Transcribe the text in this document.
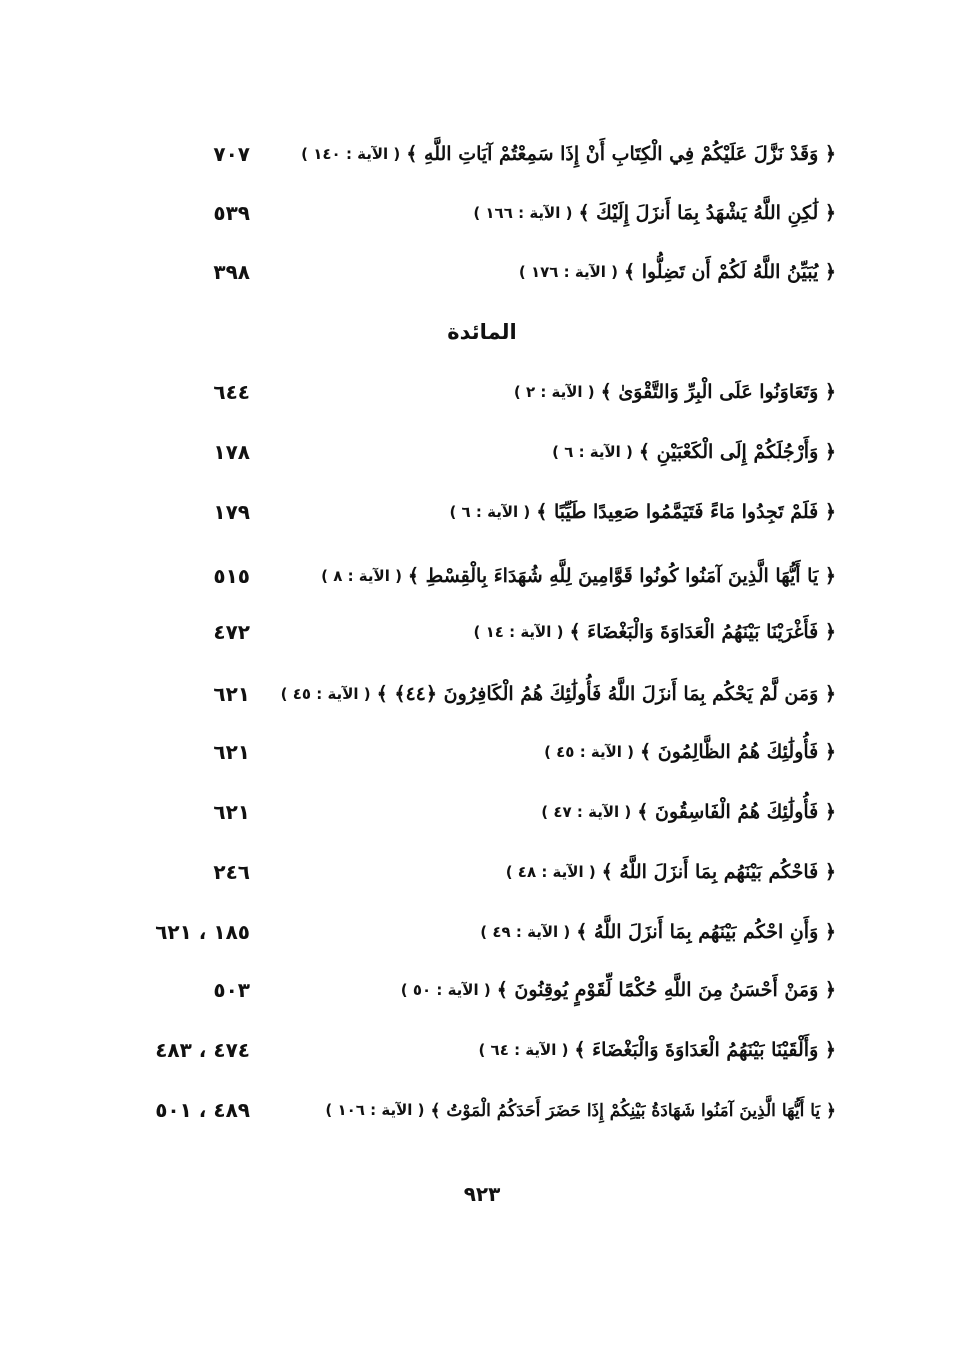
﴿ وَقَدْ نَزَّلَ عَلَيْكُمْ فِي الْكِتَابِ أَنْ إِذَا سَمِعْتُمْ آيَاتِ اللَّهِ ﴾
( الآية : ١٤٠ )
٧٠٧
﴿ لَٰكِنِ اللَّهُ يَشْهَدُ بِمَا أَنزَلَ إِلَيْكَ ﴾
( الآية : ١٦٦ )
٥٣٩
﴿ يُبَيِّنُ اللَّهُ لَكُمْ أَن تَضِلُّوا ﴾
( الآية : ١٧٦ )
٣٩٨
المائدة
﴿ وَتَعَاوَنُوا عَلَى الْبِرِّ وَالتَّقْوَىٰ ﴾
( الآية : ٢ )
٦٤٤
﴿ وَأَرْجُلَكُمْ إِلَى الْكَعْبَيْنِ ﴾
( الآية : ٦ )
١٧٨
﴿ فَلَمْ تَجِدُوا مَاءً فَتَيَمَّمُوا صَعِيدًا طَيِّبًا ﴾
( الآية : ٦ )
١٧٩
﴿ يَا أَيُّهَا الَّذِينَ آمَنُوا كُونُوا قَوَّامِينَ لِلَّهِ شُهَدَاءَ بِالْقِسْطِ ﴾
( الآية : ٨ )
٥١٥
﴿ فَأَغْرَيْنَا بَيْنَهُمُ الْعَدَاوَةَ وَالْبَغْضَاءَ ﴾
( الآية : ١٤ )
٤٧٢
﴿ وَمَن لَّمْ يَحْكُم بِمَا أَنزَلَ اللَّهُ فَأُولَٰئِكَ هُمُ الْكَافِرُونَ ﴿٤٤﴾ ﴾
( الآية : ٤٥ )
٦٢١
﴿ فَأُولَٰئِكَ هُمُ الظَّالِمُونَ ﴾
( الآية : ٤٥ )
٦٢١
﴿ فَأُولَٰئِكَ هُمُ الْفَاسِقُونَ ﴾
( الآية : ٤٧ )
٦٢١
﴿ فَاحْكُم بَيْنَهُم بِمَا أَنزَلَ اللَّهُ ﴾
( الآية : ٤٨ )
٢٤٦
﴿ وَأَنِ احْكُم بَيْنَهُم بِمَا أَنزَلَ اللَّهُ ﴾
( الآية : ٤٩ )
١٨٥ ، ٦٢١
﴿ وَمَنْ أَحْسَنُ مِنَ اللَّهِ حُكْمًا لِّقَوْمٍ يُوقِنُونَ ﴾
( الآية : ٥٠ )
٥٠٣
﴿ وَأَلْقَيْنَا بَيْنَهُمُ الْعَدَاوَةَ وَالْبَغْضَاءَ ﴾
( الآية : ٦٤ )
٤٧٤ ، ٤٨٣
﴿ يَا أَيُّهَا الَّذِينَ آمَنُوا شَهَادَةُ بَيْنِكُمْ إِذَا حَضَرَ أَحَدَكُمُ الْمَوْتُ ﴾
( الآية : ١٠٦ )
٤٨٩ ، ٥٠١
٩٢٣
